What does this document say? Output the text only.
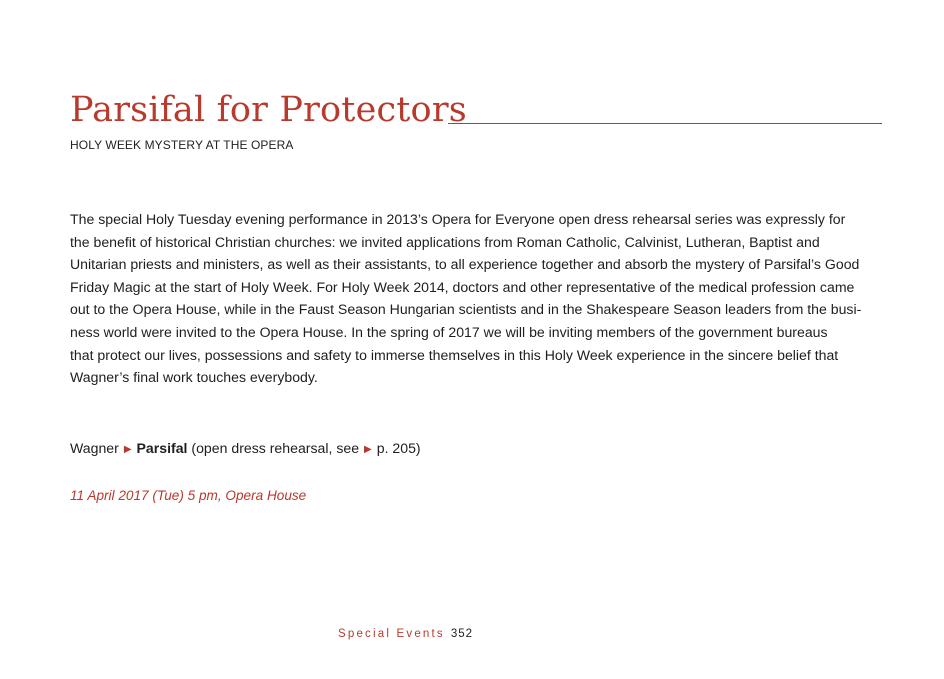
Parsifal for Protectors
HOLY WEEK MYSTERY AT THE OPERA
The special Holy Tuesday evening performance in 2013’s Opera for Everyone open dress rehearsal series was expressly for
the benefit of historical Christian churches: we invited applications from Roman Catholic, Calvinist, Lutheran, Baptist and
Unitarian priests and ministers, as well as their assistants, to all experience together and absorb the mystery of Parsifal’s Good
Friday Magic at the start of Holy Week. For Holy Week 2014, doctors and other representative of the medical profession came
out to the Opera House, while in the Faust Season Hungarian scientists and in the Shakespeare Season leaders from the busi-
ness world were invited to the Opera House. In the spring of 2017 we will be inviting members of the government bureaus
that protect our lives, possessions and safety to immerse themselves in this Holy Week experience in the sincere belief that
Wagner’s final work touches everybody.
Wagner ▶ Parsifal (open dress rehearsal, see ▶ p. 205)
11 April 2017 (Tue) 5 pm, Opera House
Special Events 352
